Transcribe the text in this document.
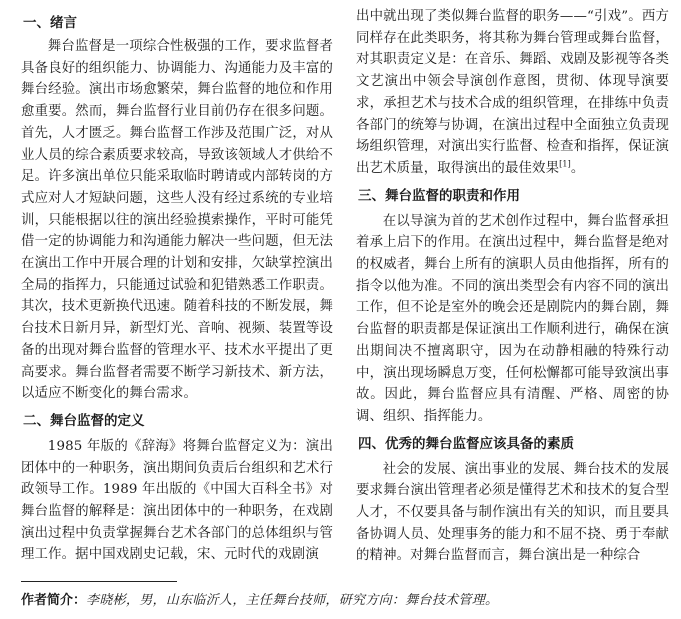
一、绪言

舞台监督是一项综合性极强的工作，要求监督者具备良好的组织能力、协调能力、沟通能力及丰富的舞台经验。演出市场愈繁荣，舞台监督的地位和作用愈重要。然而，舞台监督行业目前仍存在很多问题。首先，人才匮乏。舞台监督工作涉及范围广泛，对从业人员的综合素质要求较高，导致该领域人才供给不足。许多演出单位只能采取临时聘请或内部转岗的方式应对人才短缺问题，这些人没有经过系统的专业培训，只能根据以往的演出经验摸索操作，平时可能凭借一定的协调能力和沟通能力解决一些问题，但无法在演出工作中开展合理的计划和安排，欠缺掌控演出全局的指挥力，只能通过试验和犯错熟悉工作职责。其次，技术更新换代迅速。随着科技的不断发展，舞台技术日新月异，新型灯光、音响、视频、装置等设备的出现对舞台监督的管理水平、技术水平提出了更高要求。舞台监督者需要不断学习新技术、新方法，以适应不断变化的舞台需求。

二、舞台监督的定义

1985 年版的《辞海》将舞台监督定义为：演出团体中的一种职务，演出期间负责后台组织和艺术行政领导工作。1989 年出版的《中国大百科全书》对舞台监督的解释是：演出团体中的一种职务，在戏剧演出过程中负责掌握舞台艺术各部门的总体组织与管理工作。据中国戏剧史记载，宋、元时代的戏剧演

出中就出现了类似舞台监督的职务——“引戏”。西方同样存在此类职务，将其称为舞台管理或舞台监督，对其职责定义是：在音乐、舞蹈、戏剧及影视等各类文艺演出中领会导演创作意图，贯彻、体现导演要求，承担艺术与技术合成的组织管理，在排练中负责各部门的统筹与协调，在演出过程中全面独立负责现场组织管理，对演出实行监督、检查和指挥，保证演出艺术质量，取得演出的最佳效果[1]。

三、舞台监督的职责和作用

在以导演为首的艺术创作过程中，舞台监督承担着承上启下的作用。在演出过程中，舞台监督是绝对的权威者，舞台上所有的演职人员由他指挥，所有的指令以他为准。不同的演出类型会有内容不同的演出工作，但不论是室外的晚会还是剧院内的舞台剧，舞台监督的职责都是保证演出工作顺利进行，确保在演出期间决不擅离职守，因为在动静相融的特殊行动中，演出现场瞬息万变，任何松懈都可能导致演出事故。因此，舞台监督应具有清醒、严格、周密的协调、组织、指挥能力。

四、优秀的舞台监督应该具备的素质

社会的发展、演出事业的发展、舞台技术的发展要求舞台演出管理者必须是懂得艺术和技术的复合型人才，不仅要具备与制作演出有关的知识，而且要具备协调人员、处理事务的能力和不屈不挠、勇于奉献的精神。对舞台监督而言，舞台演出是一种综合

作者简介：李晓彬，男，山东临沂人，主任舞台技师，研究方向：舞台技术管理。
